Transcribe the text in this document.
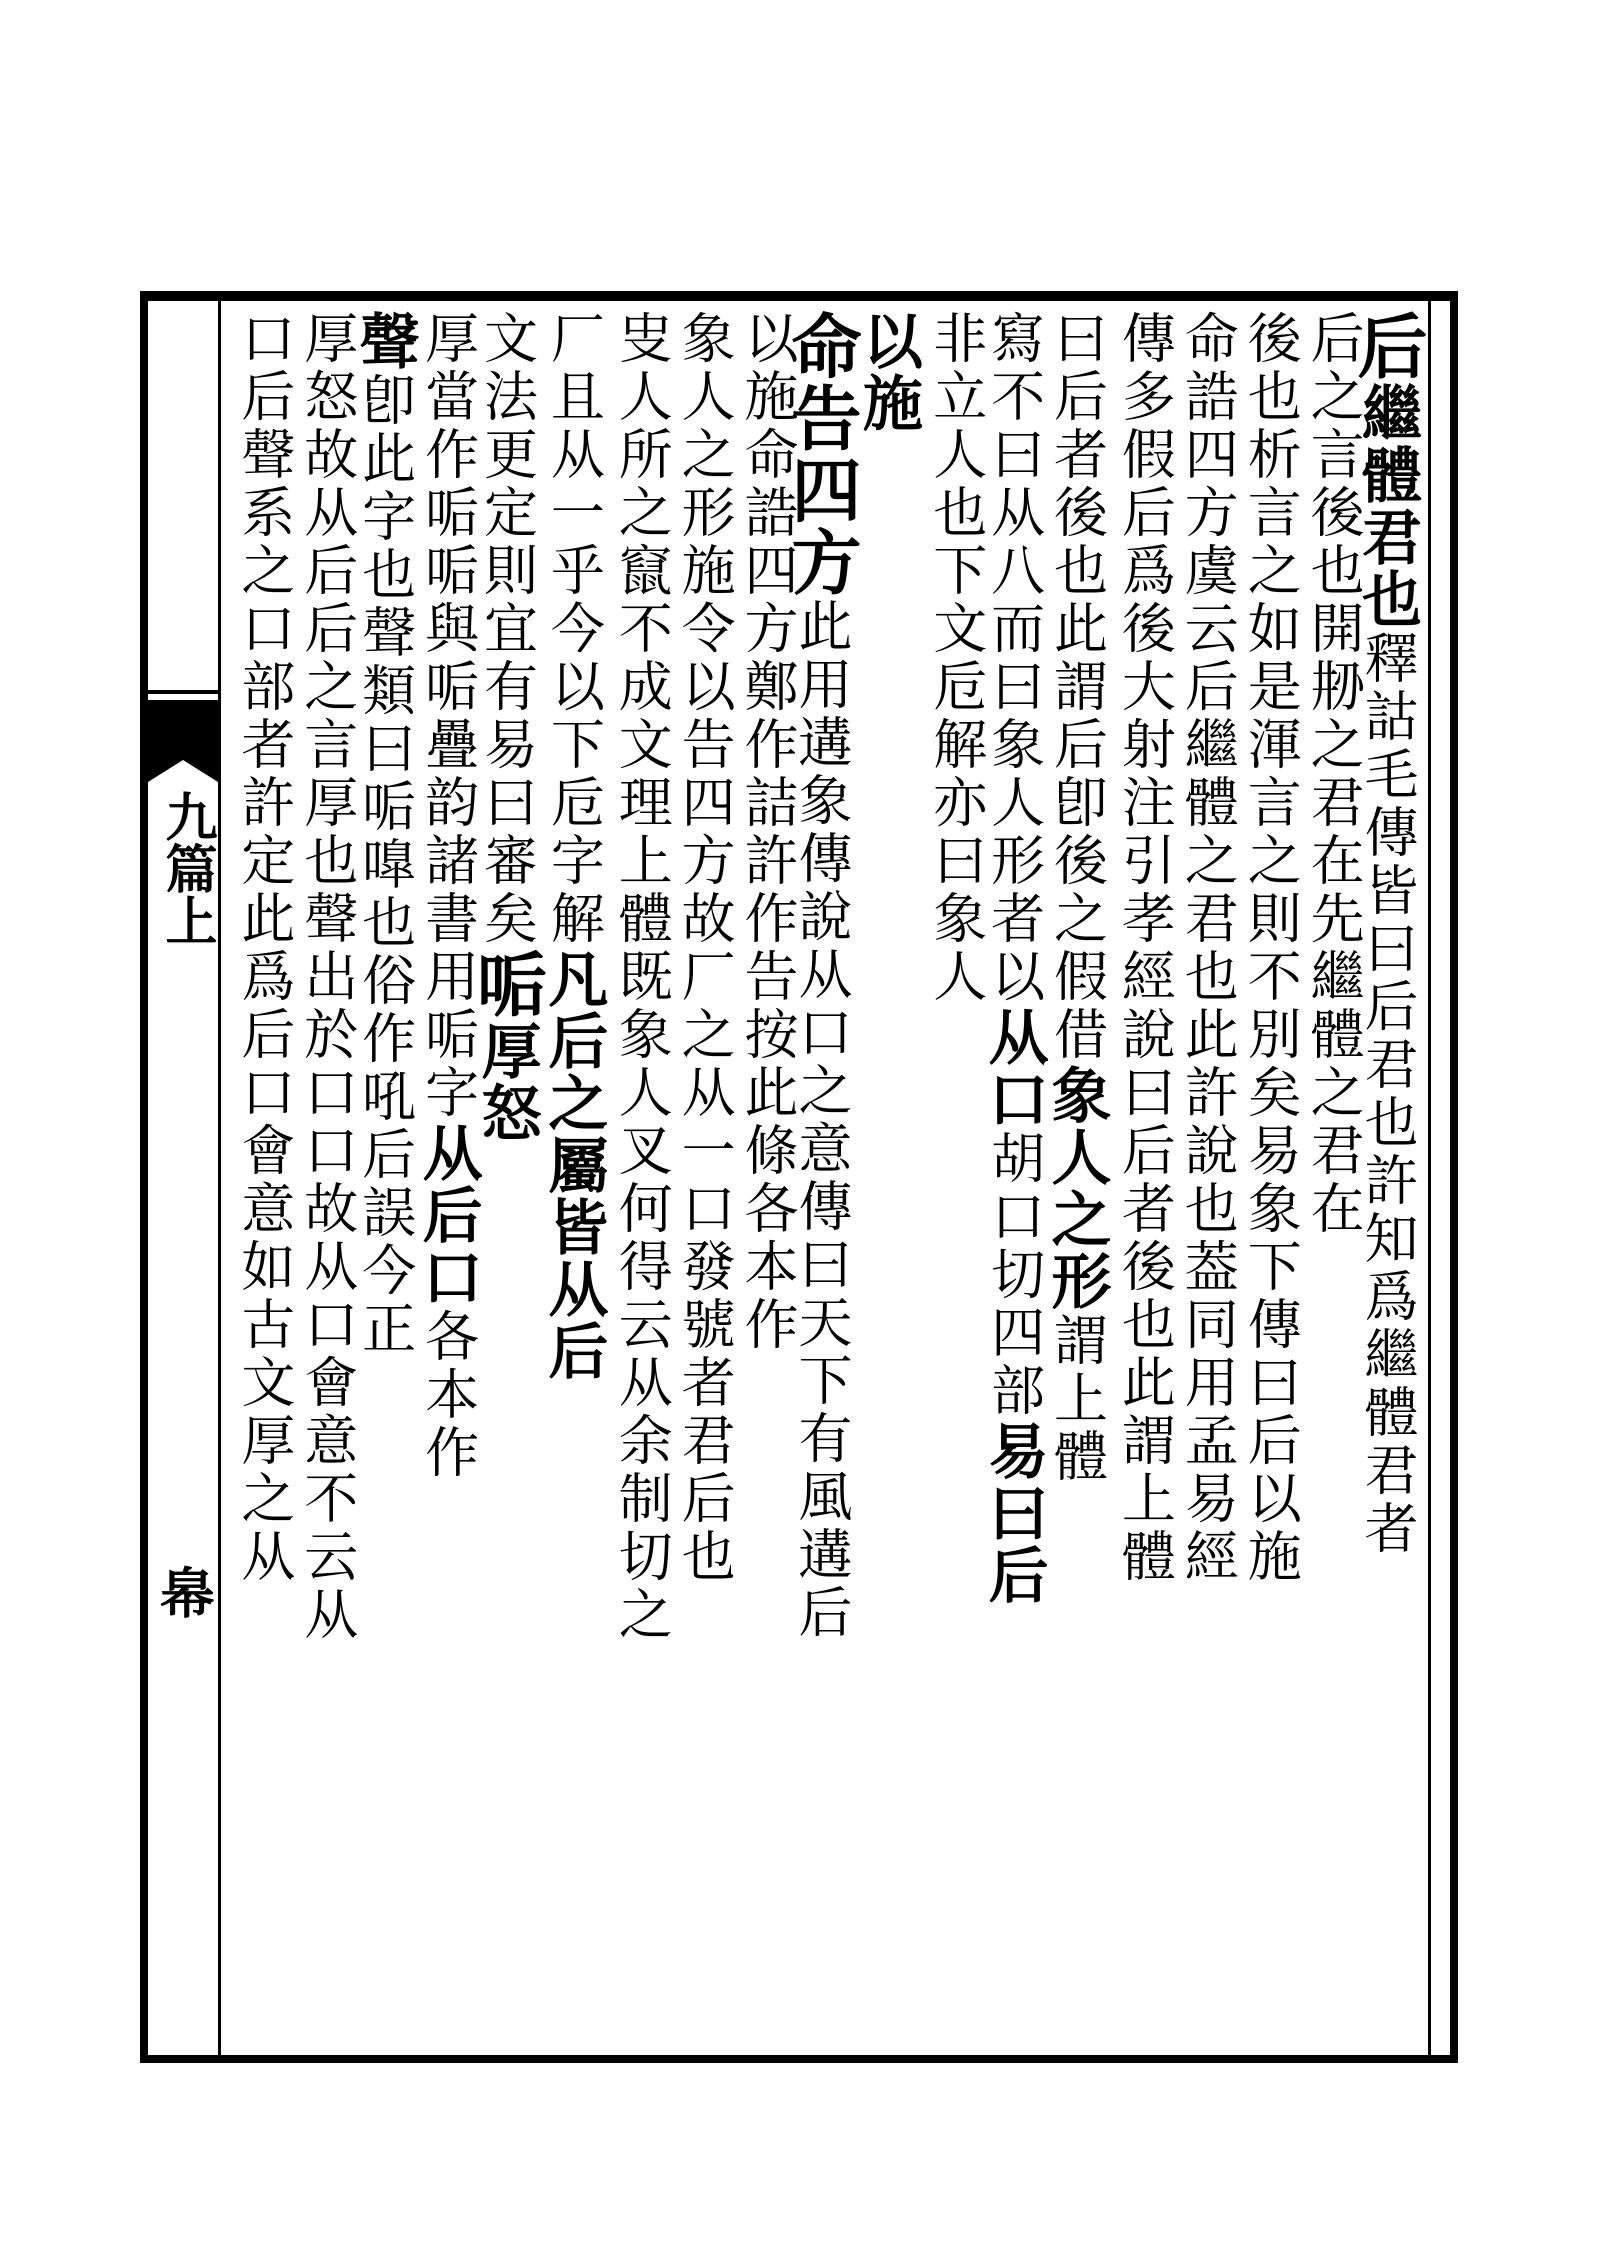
九篇上
㡍
后繼體君也釋詁毛傳皆曰后君也許知爲繼體君者
后之言後也開刱之君在先繼體之君在
後也析言之如是渾言之則不別矣易象下傳曰后以施
命誥四方虞云后繼體之君也此許說也葢同用孟易經
傳多假后爲後大射注引孝經說曰后者後也此謂上體
曰后者後也此謂后卽後之假借象人之形謂上體
寫不曰从八而曰象人形者以从口胡口切四部易曰后
非立人也下文卮解亦曰象人
以施
命告四方此用遘象傳說从口之意傳曰天下有風遘后
以施命誥四方鄭作詰許作告按此條各本作
象人之形施令以告四方故厂之从一口發號者君后也
㕜人所之竄不成文理上體既象人叉何得云从余制切之
厂且从一乎今以下卮字解凡后之屬皆从后
文法更定則宜有易曰審矣㖃厚怒
厚當作㖃㖃與㖃疊韵諸書用㖃字从后口各本作
聲卽此字也聲類曰㖃嘷也俗作吼后誤今正
厚怒故从后后之言厚也聲出於口口故从口會意不云从
口后聲系之口部者許定此爲后口會意如古文厚之从
